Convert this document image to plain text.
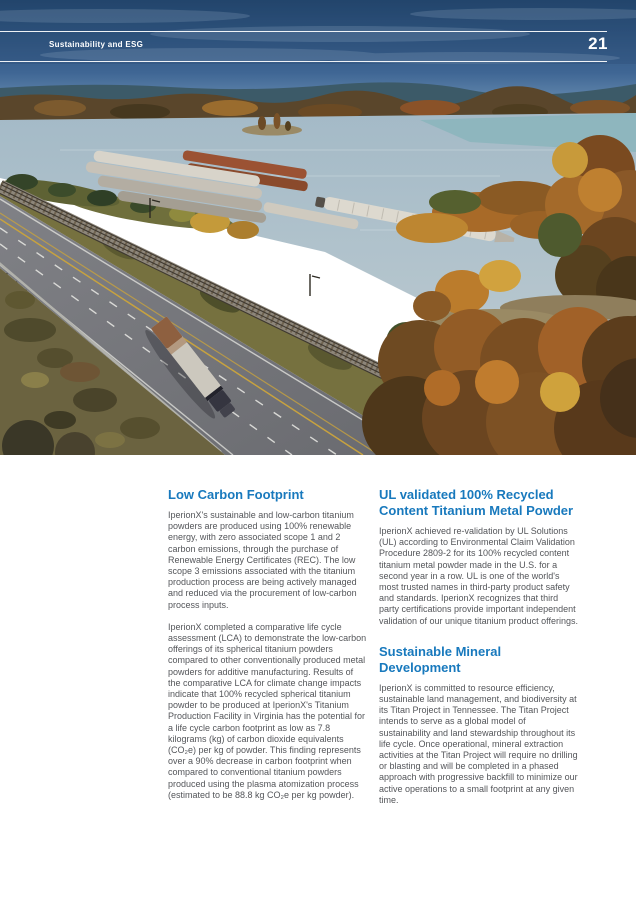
Sustainability and ESG	21
Low Carbon Footprint

IperionX's sustainable and low-carbon titanium powders are produced using 100% renewable energy, with zero associated scope 1 and 2 carbon emissions, through the purchase of Renewable Energy Certificates (REC). The low scope 3 emissions associated with the titanium production process are being actively managed and reduced via the procurement of low-carbon process inputs.

IperionX completed a comparative life cycle assessment (LCA) to demonstrate the low-carbon offerings of its spherical titanium powders compared to other conventionally produced metal powders for additive manufacturing. Results of the comparative LCA for climate change impacts indicate that 100% recycled spherical titanium powder to be produced at IperionX's Titanium Production Facility in Virginia has the potential for a life cycle carbon footprint as low as 7.8 kilograms (kg) of carbon dioxide equivalents (CO₂e) per kg of powder. This finding represents over a 90% decrease in carbon footprint when compared to conventional titanium powders produced using the plasma atomization process (estimated to be 88.8 kg CO₂e per kg powder).

UL validated 100% Recycled Content Titanium Metal Powder

IperionX achieved re-validation by UL Solutions (UL) according to Environmental Claim Validation Procedure 2809-2 for its 100% recycled content titanium metal powder made in the U.S. for a second year in a row. UL is one of the world's most trusted names in third-party product safety and standards. IperionX recognizes that third party certifications provide important independent validation of our unique titanium product offerings.

Sustainable Mineral Development

IperionX is committed to resource efficiency, sustainable land management, and biodiversity at its Titan Project in Tennessee. The Titan Project intends to serve as a global model of sustainability and land stewardship throughout its life cycle. Once operational, mineral extraction activities at the Titan Project will require no drilling or blasting and will be completed in a phased approach with progressive backfill to minimize our active operations to a small footprint at any given time.
